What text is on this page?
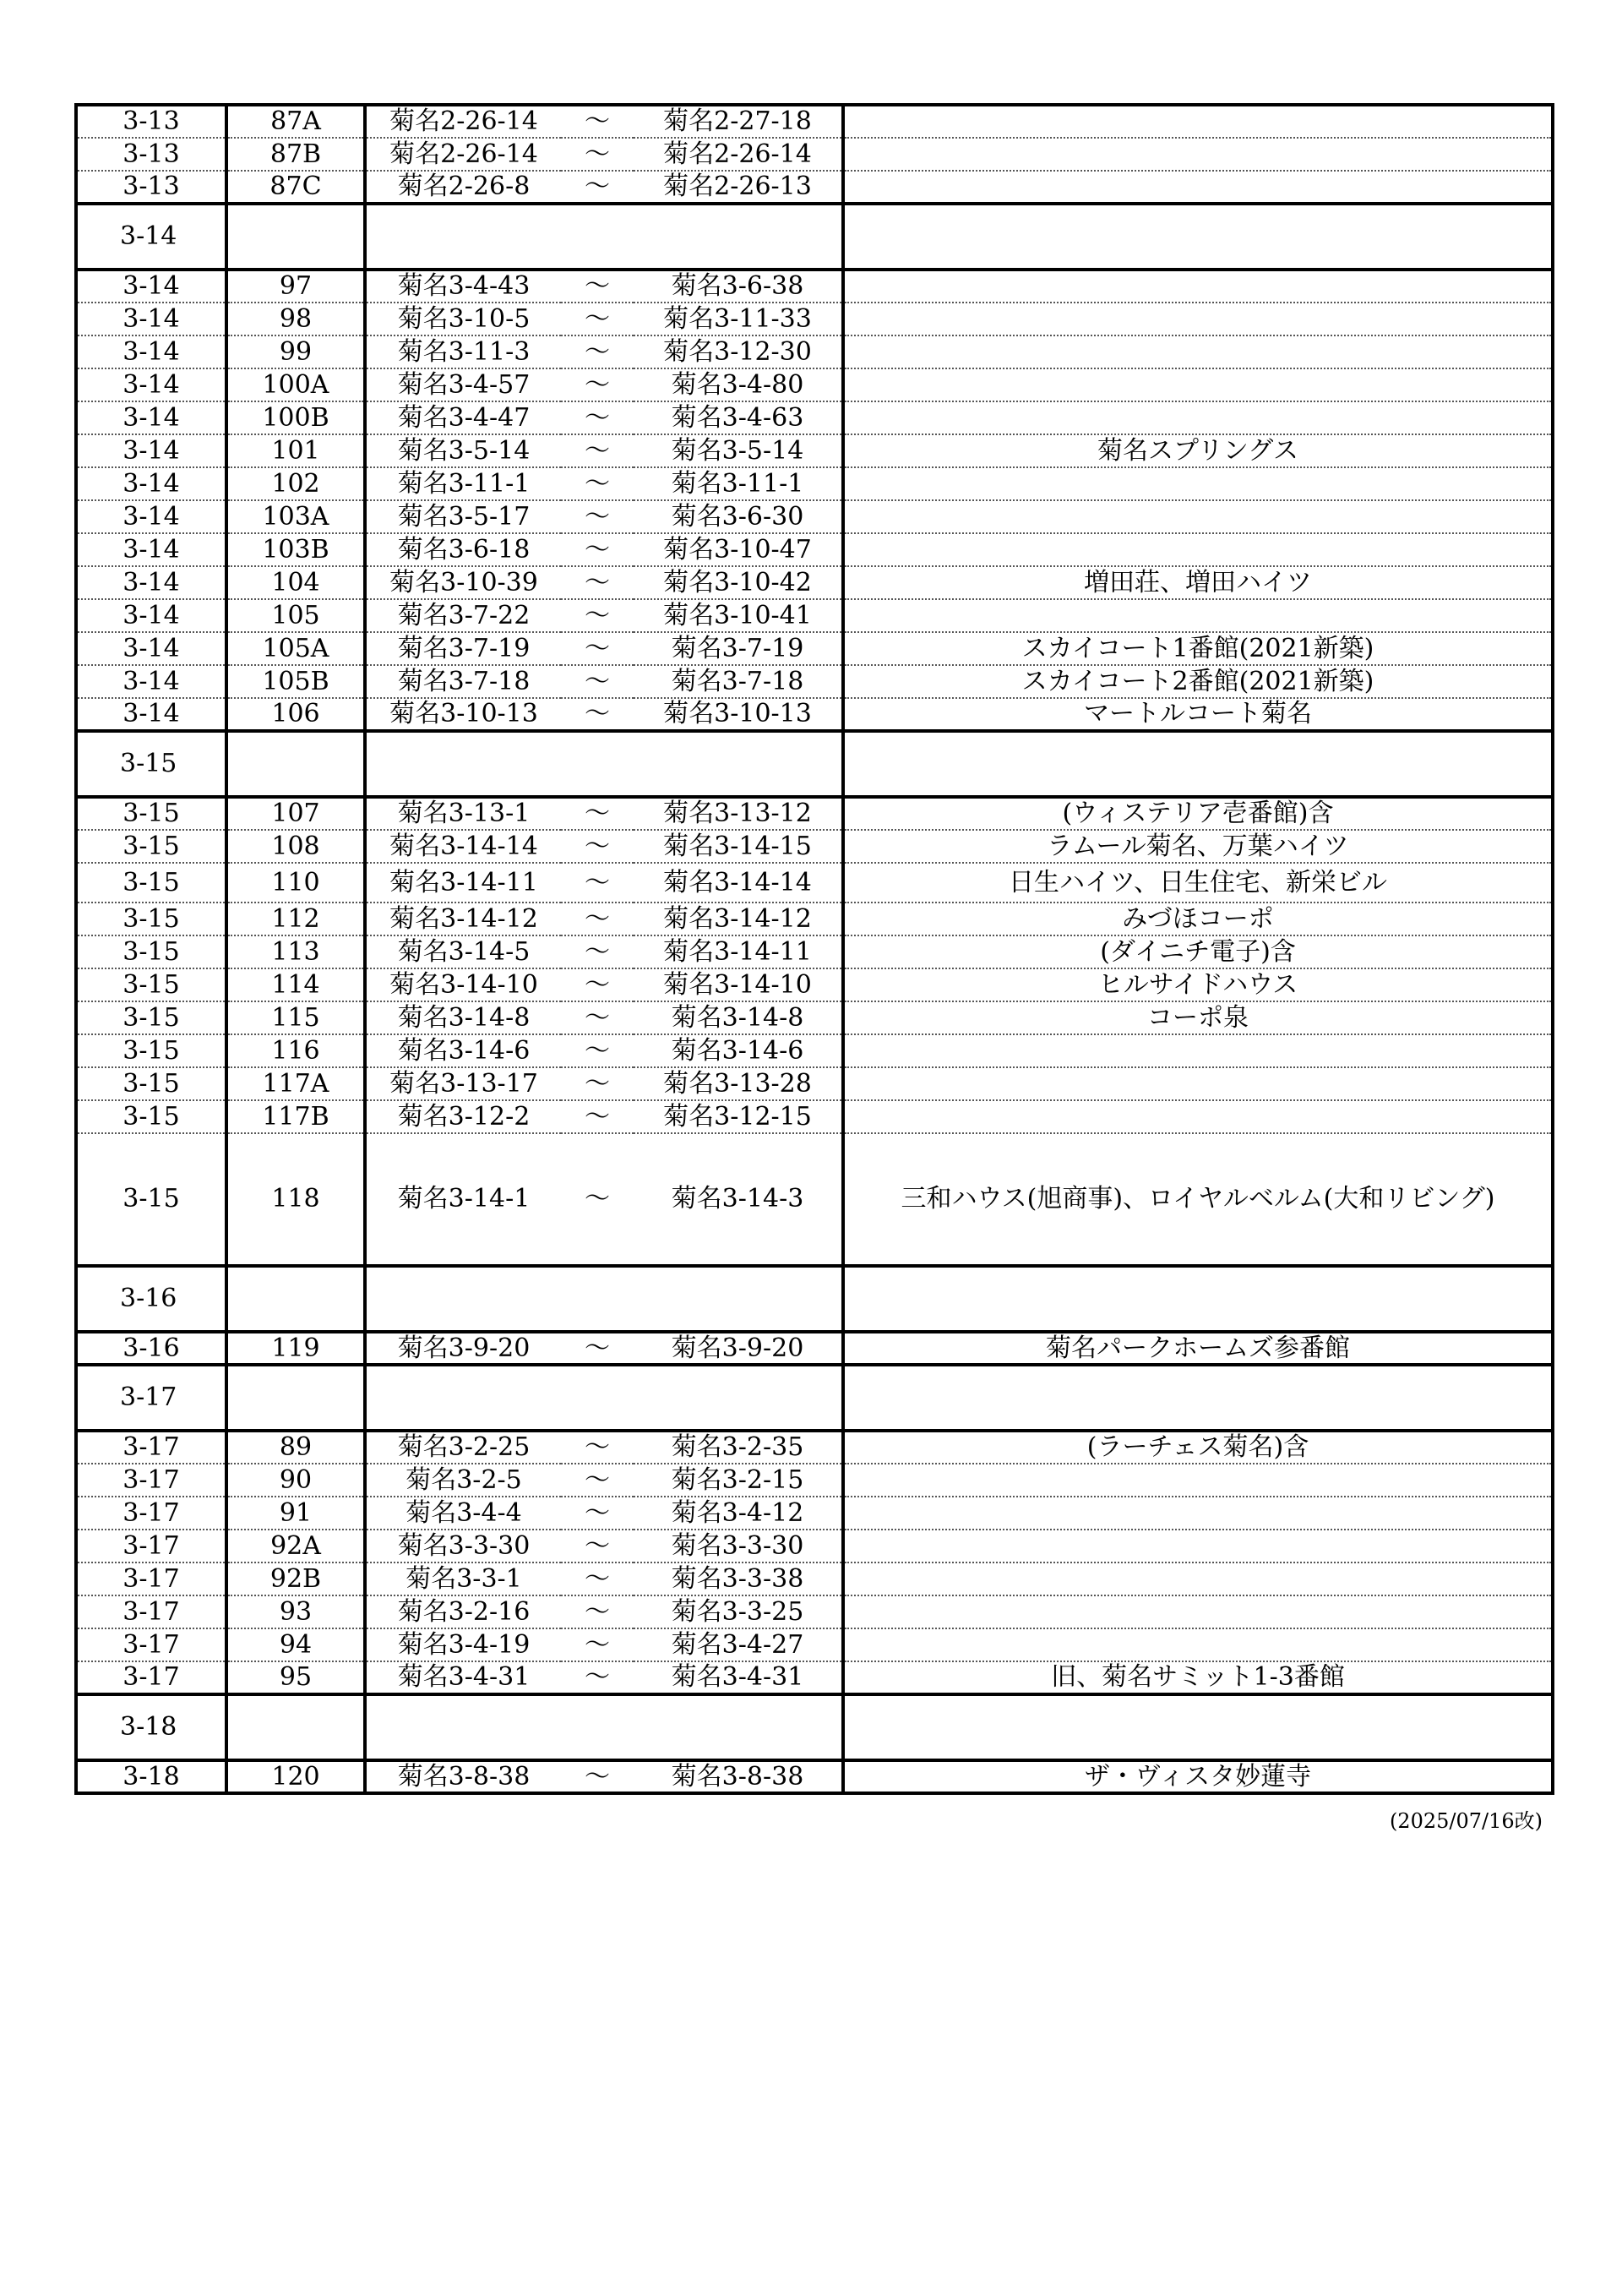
3-13	87A	菊名2-26-14	～	菊名2-27-18	
3-13	87B	菊名2-26-14	～	菊名2-26-14	
3-13	87C	菊名2-26-8	～	菊名2-26-13	
3-14					
3-14	97	菊名3-4-43	～	菊名3-6-38	
3-14	98	菊名3-10-5	～	菊名3-11-33	
3-14	99	菊名3-11-3	～	菊名3-12-30	
3-14	100A	菊名3-4-57	～	菊名3-4-80	
3-14	100B	菊名3-4-47	～	菊名3-4-63	
3-14	101	菊名3-5-14	～	菊名3-5-14	菊名スプリングス
3-14	102	菊名3-11-1	～	菊名3-11-1	
3-14	103A	菊名3-5-17	～	菊名3-6-30	
3-14	103B	菊名3-6-18	～	菊名3-10-47	
3-14	104	菊名3-10-39	～	菊名3-10-42	増田荘、増田ハイツ
3-14	105	菊名3-7-22	～	菊名3-10-41	
3-14	105A	菊名3-7-19	～	菊名3-7-19	スカイコート1番館(2021新築)
3-14	105B	菊名3-7-18	～	菊名3-7-18	スカイコート2番館(2021新築)
3-14	106	菊名3-10-13	～	菊名3-10-13	マートルコート菊名
3-15					
3-15	107	菊名3-13-1	～	菊名3-13-12	(ウィステリア壱番館)含
3-15	108	菊名3-14-14	～	菊名3-14-15	ラムール菊名、万葉ハイツ
3-15	110	菊名3-14-11	～	菊名3-14-14	日生ハイツ、日生住宅、新栄ビル
3-15	112	菊名3-14-12	～	菊名3-14-12	みづほコーポ
3-15	113	菊名3-14-5	～	菊名3-14-11	(ダイニチ電子)含
3-15	114	菊名3-14-10	～	菊名3-14-10	ヒルサイドハウス
3-15	115	菊名3-14-8	～	菊名3-14-8	コーポ泉
3-15	116	菊名3-14-6	～	菊名3-14-6	
3-15	117A	菊名3-13-17	～	菊名3-13-28	
3-15	117B	菊名3-12-2	～	菊名3-12-15	
3-15	118	菊名3-14-1	～	菊名3-14-3	三和ハウス(旭商事)、ロイヤルベルム(大和リビング)
3-16					
3-16	119	菊名3-9-20	～	菊名3-9-20	菊名パークホームズ参番館
3-17					
3-17	89	菊名3-2-25	～	菊名3-2-35	(ラーチェス菊名)含
3-17	90	菊名3-2-5	～	菊名3-2-15	
3-17	91	菊名3-4-4	～	菊名3-4-12	
3-17	92A	菊名3-3-30	～	菊名3-3-30	
3-17	92B	菊名3-3-1	～	菊名3-3-38	
3-17	93	菊名3-2-16	～	菊名3-3-25	
3-17	94	菊名3-4-19	～	菊名3-4-27	
3-17	95	菊名3-4-31	～	菊名3-4-31	旧、菊名サミット1-3番館
3-18					
3-18	120	菊名3-8-38	～	菊名3-8-38	ザ・ヴィスタ妙蓮寺
(2025/07/16改)
